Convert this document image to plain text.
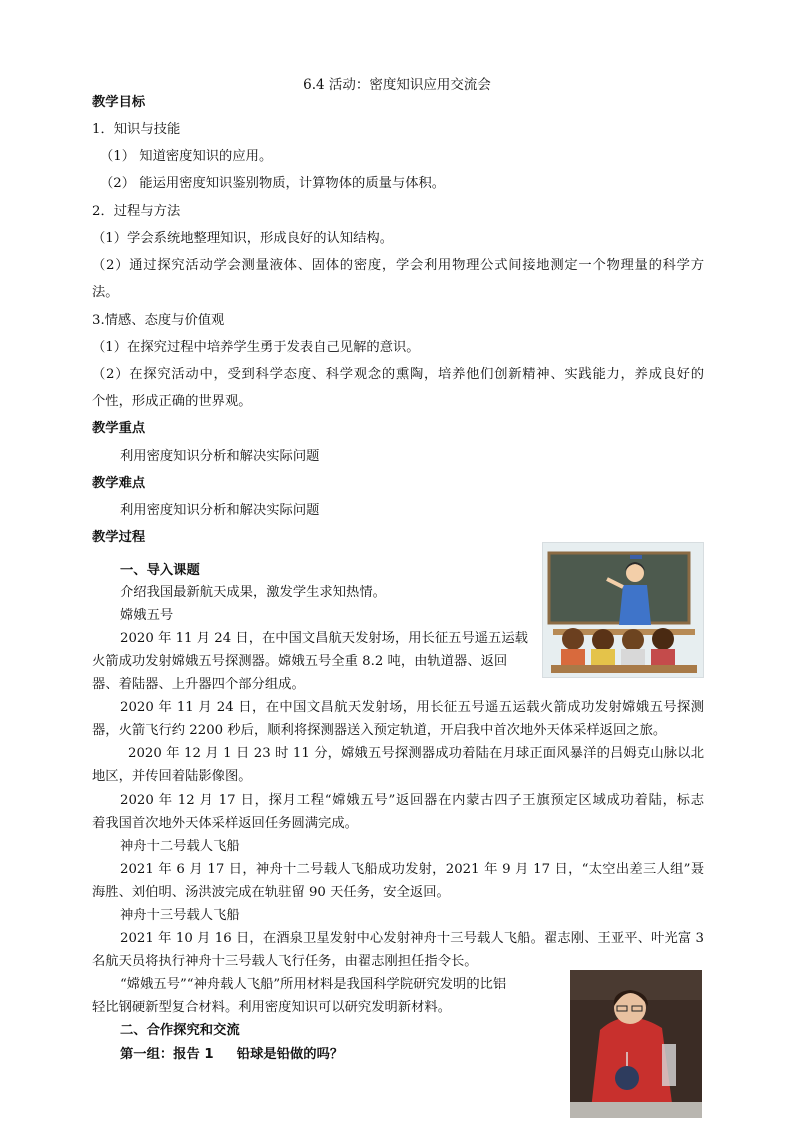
6.4 活动：密度知识应用交流会
教学目标
1．知识与技能
（1） 知道密度知识的应用。
（2） 能运用密度知识鉴别物质，计算物体的质量与体积。
2．过程与方法
（1）学会系统地整理知识，形成良好的认知结构。
（2）通过探究活动学会测量液体、固体的密度，学会利用物理公式间接地测定一个物理量的科学方
法。
3.情感、态度与价值观
（1）在探究过程中培养学生勇于发表自己见解的意识。
（2）在探究活动中，受到科学态度、科学观念的熏陶，培养他们创新精神、实践能力，养成良好的
个性，形成正确的世界观。
教学重点
利用密度知识分析和解决实际问题
教学难点
利用密度知识分析和解决实际问题
教学过程
一、导入课题
介绍我国最新航天成果，激发学生求知热情。
嫦娥五号
2020 年 11 月 24 日，在中国文昌航天发射场，用长征五号遥五运载
火箭成功发射嫦娥五号探测器。嫦娥五号全重 8.2 吨，由轨道器、返回
器、着陆器、上升器四个部分组成。
2020 年 11 月 24 日，在中国文昌航天发射场，用长征五号遥五运载火箭成功发射嫦娥五号探测
器，火箭飞行约 2200 秒后，顺利将探测器送入预定轨道，开启我中首次地外天体采样返回之旅。
2020 年 12 月 1 日 23 时 11 分，嫦娥五号探测器成功着陆在月球正面风暴洋的吕姆克山脉以北
地区，并传回着陆影像图。
2020 年 12 月 17 日，探月工程“嫦娥五号”返回器在内蒙古四子王旗预定区域成功着陆，标志
着我国首次地外天体采样返回任务圆满完成。
神舟十二号载人飞船
2021 年 6 月 17 日，神舟十二号载人飞船成功发射，2021 年 9 月 17 日，“太空出差三人组”聂
海胜、刘伯明、汤洪波完成在轨驻留 90 天任务，安全返回。
神舟十三号载人飞船
2021 年 10 月 16 日，在酒泉卫星发射中心发射神舟十三号载人飞船。翟志刚、王亚平、叶光富 3
名航天员将执行神舟十三号载人飞行任务，由翟志刚担任指令长。
“嫦娥五号”“神舟载人飞船”所用材料是我国科学院研究发明的比铝
轻比钢硬新型复合材料。利用密度知识可以研究发明新材料。
二、合作探究和交流
第一组：报告 1     铅球是铅做的吗？
